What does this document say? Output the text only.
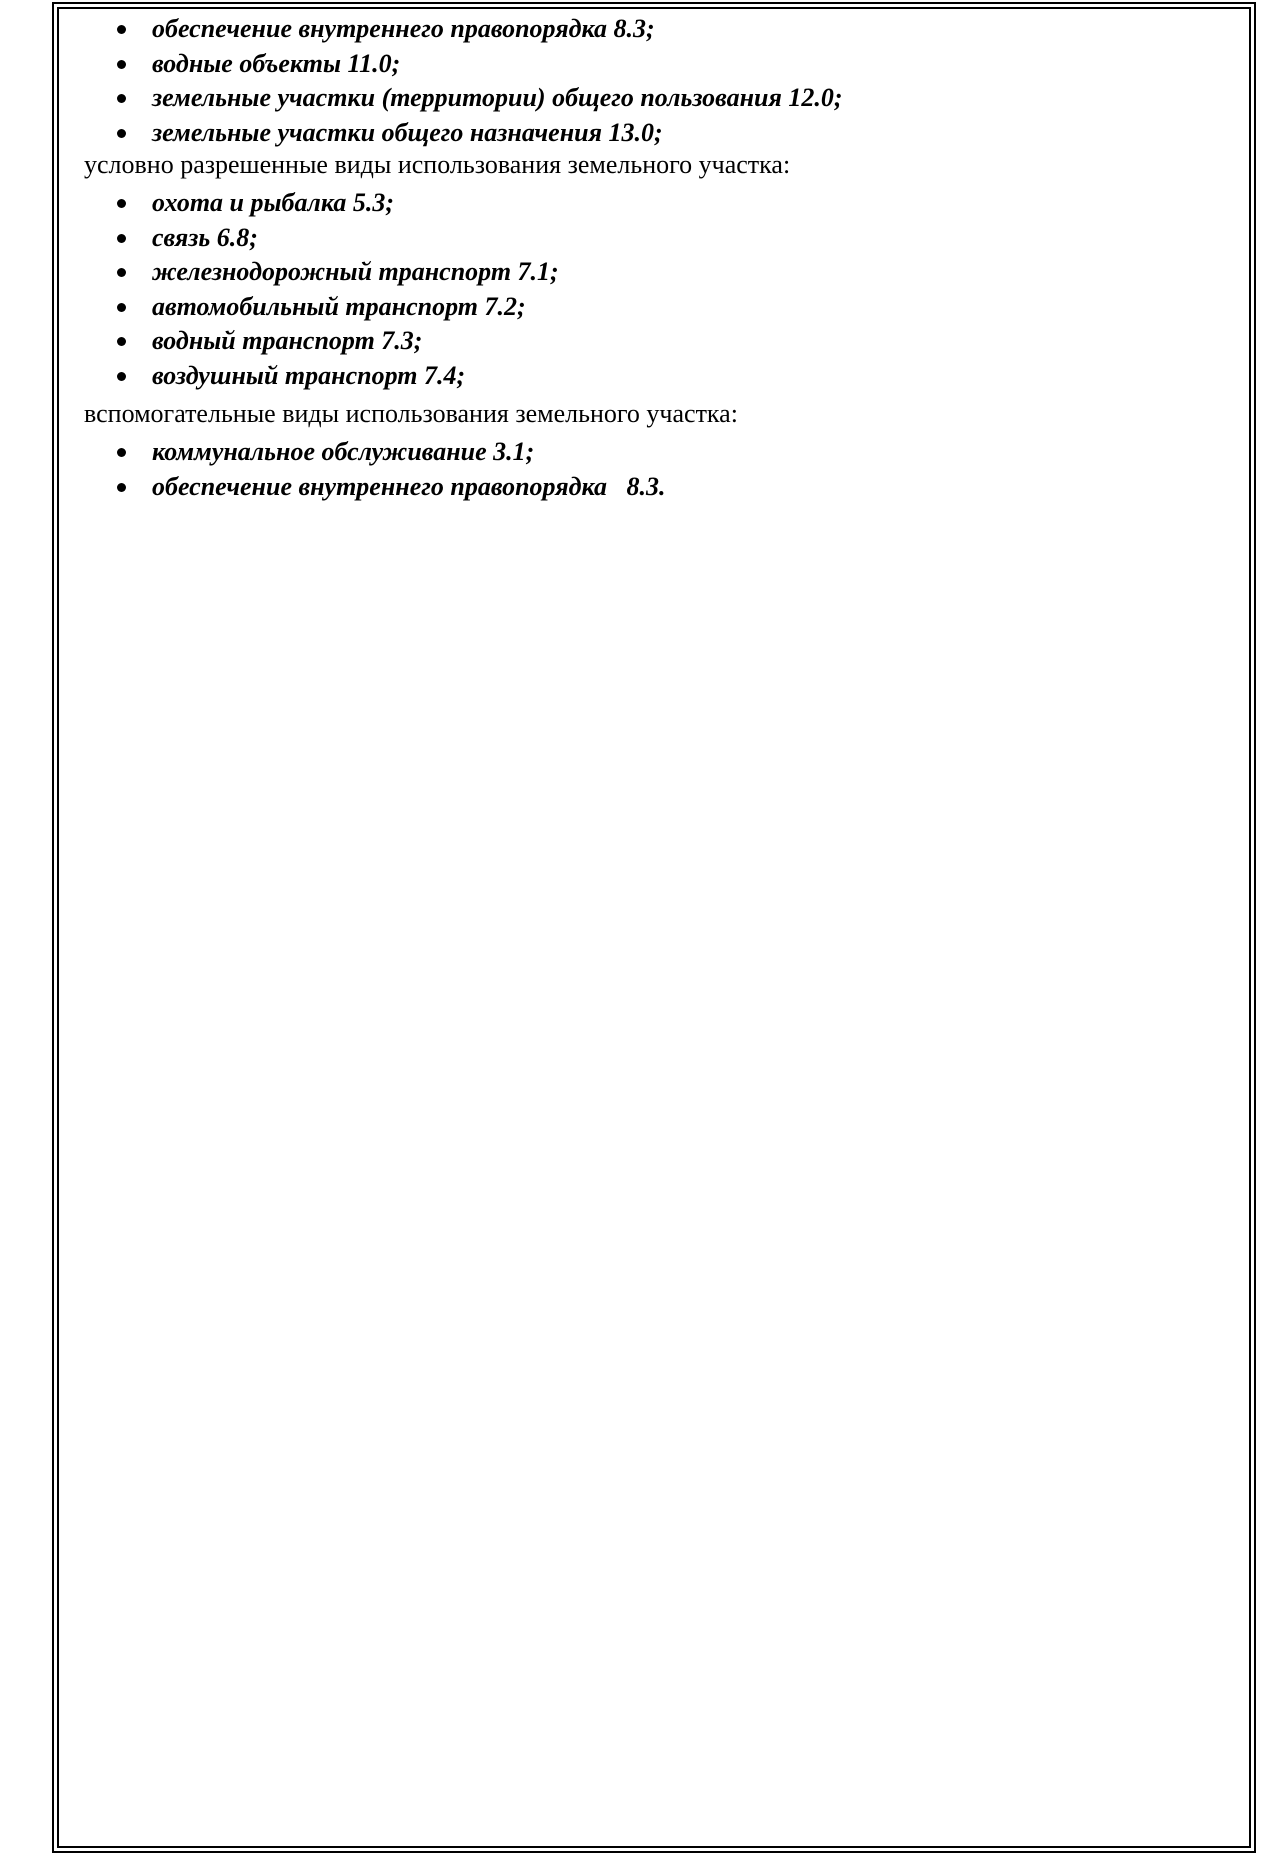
обеспечение внутреннего правопорядка 8.3;
водные объекты 11.0;
земельные участки (территории) общего пользования 12.0;
земельные участки общего назначения 13.0;
условно разрешенные виды использования земельного участка:
охота и рыбалка 5.3;
связь 6.8;
железнодорожный транспорт 7.1;
автомобильный транспорт 7.2;
водный транспорт 7.3;
воздушный транспорт 7.4;
вспомогательные виды использования земельного участка:
коммунальное обслуживание 3.1;
обеспечение внутреннего правопорядка   8.3.
